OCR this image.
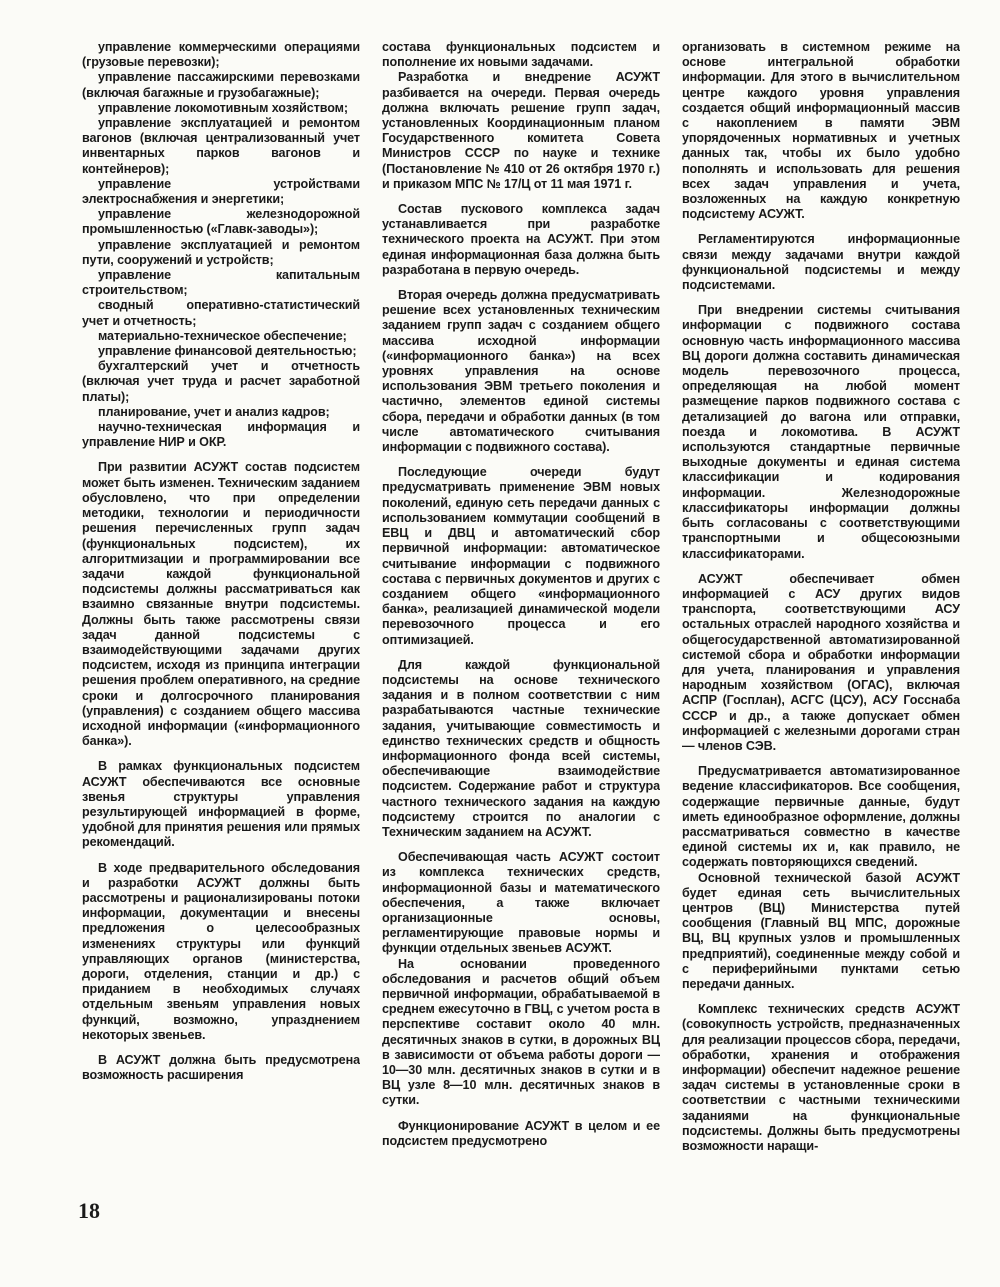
управление коммерческими операциями (грузовые перевозки);

управление пассажирскими перевозками (включая багажные и грузобагажные);

управление локомотивным хозяйством;

управление эксплуатацией и ремонтом вагонов (включая централизованный учет инвентарных парков вагонов и контейнеров);

управление устройствами электроснабжения и энергетики;

управление железнодорожной промышленностью («Главк-заводы»);

управление эксплуатацией и ремонтом пути, сооружений и устройств;

управление капитальным строительством;

сводный оперативно-статистический учет и отчетность;

материально-техническое обеспечение;

управление финансовой деятельностью;

бухгалтерский учет и отчетность (включая учет труда и расчет заработной платы);

планирование, учет и анализ кадров;

научно-техническая информация и управление НИР и ОКР.

При развитии АСУЖТ состав подсистем может быть изменен. Техническим заданием обусловлено, что при определении методики, технологии и периодичности решения перечисленных групп задач (функциональных подсистем), их алгоритмизации и программировании все задачи каждой функциональной подсистемы должны рассматриваться как взаимно связанные внутри подсистемы. Должны быть также рассмотрены связи задач данной подсистемы с взаимодействующими задачами других подсистем, исходя из принципа интеграции решения проблем оперативного, на средние сроки и долгосрочного планирования (управления) с созданием общего массива исходной информации («информационного банка»).

В рамках функциональных подсистем АСУЖТ обеспечиваются все основные звенья структуры управления результирующей информацией в форме, удобной для принятия решения или прямых рекомендаций.

В ходе предварительного обследования и разработки АСУЖТ должны быть рассмотрены и рационализированы потоки информации, документации и внесены предложения о целесообразных изменениях структуры или функций управляющих органов (министерства, дороги, отделения, станции и др.) с приданием в необходимых случаях отдельным звеньям управления новых функций, возможно, упразднением некоторых звеньев.

В АСУЖТ должна быть предусмотрена возможность расширения

состава функциональных подсистем и пополнение их новыми задачами.

Разработка и внедрение АСУЖТ разбивается на очереди. Первая очередь должна включать решение групп задач, установленных Координационным планом Государственного комитета Совета Министров СССР по науке и технике (Постановление № 410 от 26 октября 1970 г.) и приказом МПС № 17/Ц от 11 мая 1971 г.

Состав пускового комплекса задач устанавливается при разработке технического проекта на АСУЖТ. При этом единая информационная база должна быть разработана в первую очередь.

Вторая очередь должна предусматривать решение всех установленных техническим заданием групп задач с созданием общего массива исходной информации («информационного банка») на всех уровнях управления на основе использования ЭВМ третьего поколения и частично, элементов единой системы сбора, передачи и обработки данных (в том числе автоматического считывания информации с подвижного состава).

Последующие очереди будут предусматривать применение ЭВМ новых поколений, единую сеть передачи данных с использованием коммутации сообщений в ЕВЦ и ДВЦ и автоматический сбор первичной информации: автоматическое считывание информации с подвижного состава с первичных документов и других с созданием общего «информационного банка», реализацией динамической модели перевозочного процесса и его оптимизацией.

Для каждой функциональной подсистемы на основе технического задания и в полном соответствии с ним разрабатываются частные технические задания, учитывающие совместимость и единство технических средств и общность информационного фонда всей системы, обеспечивающие взаимодействие подсистем. Содержание работ и структура частного технического задания на каждую подсистему строится по аналогии с Техническим заданием на АСУЖТ.

Обеспечивающая часть АСУЖТ состоит из комплекса технических средств, информационной базы и математического обеспечения, а также включает организационные основы, регламентирующие правовые нормы и функции отдельных звеньев АСУЖТ.

На основании проведенного обследования и расчетов общий объем первичной информации, обрабатываемой в среднем ежесуточно в ГВЦ, с учетом роста в перспективе составит около 40 млн. десятичных знаков в сутки, в дорожных ВЦ в зависимости от объема работы дороги — 10—30 млн. десятичных знаков в сутки и в ВЦ узле 8—10 млн. десятичных знаков в сутки.

Функционирование АСУЖТ в целом и ее подсистем предусмотрено

организовать в системном режиме на основе интегральной обработки информации. Для этого в вычислительном центре каждого уровня управления создается общий информационный массив с накоплением в памяти ЭВМ упорядоченных нормативных и учетных данных так, чтобы их было удобно пополнять и использовать для решения всех задач управления и учета, возложенных на каждую конкретную подсистему АСУЖТ.

Регламентируются информационные связи между задачами внутри каждой функциональной подсистемы и между подсистемами.

При внедрении системы считывания информации с подвижного состава основную часть информационного массива ВЦ дороги должна составить динамическая модель перевозочного процесса, определяющая на любой момент размещение парков подвижного состава с детализацией до вагона или отправки, поезда и локомотива. В АСУЖТ используются стандартные первичные выходные документы и единая система классификации и кодирования информации. Железнодорожные классификаторы информации должны быть согласованы с соответствующими транспортными и общесоюзными классификаторами.

АСУЖТ обеспечивает обмен информацией с АСУ других видов транспорта, соответствующими АСУ остальных отраслей народного хозяйства и общегосударственной автоматизированной системой сбора и обработки информации для учета, планирования и управления народным хозяйством (ОГАС), включая АСПР (Госплан), АСГС (ЦСУ), АСУ Госснаба СССР и др., а также допускает обмен информацией с железными дорогами стран — членов СЭВ.

Предусматривается автоматизированное ведение классификаторов. Все сообщения, содержащие первичные данные, будут иметь единообразное оформление, должны рассматриваться совместно в качестве единой системы их и, как правило, не содержать повторяющихся сведений.

Основной технической базой АСУЖТ будет единая сеть вычислительных центров (ВЦ) Министерства путей сообщения (Главный ВЦ МПС, дорожные ВЦ, ВЦ крупных узлов и промышленных предприятий), соединенные между собой и с периферийными пунктами сетью передачи данных.

Комплекс технических средств АСУЖТ (совокупность устройств, предназначенных для реализации процессов сбора, передачи, обработки, хранения и отображения информации) обеспечит надежное решение задач системы в установленные сроки в соответствии с частными техническими заданиями на функциональные подсистемы. Должны быть предусмотрены возможности наращи-

18
